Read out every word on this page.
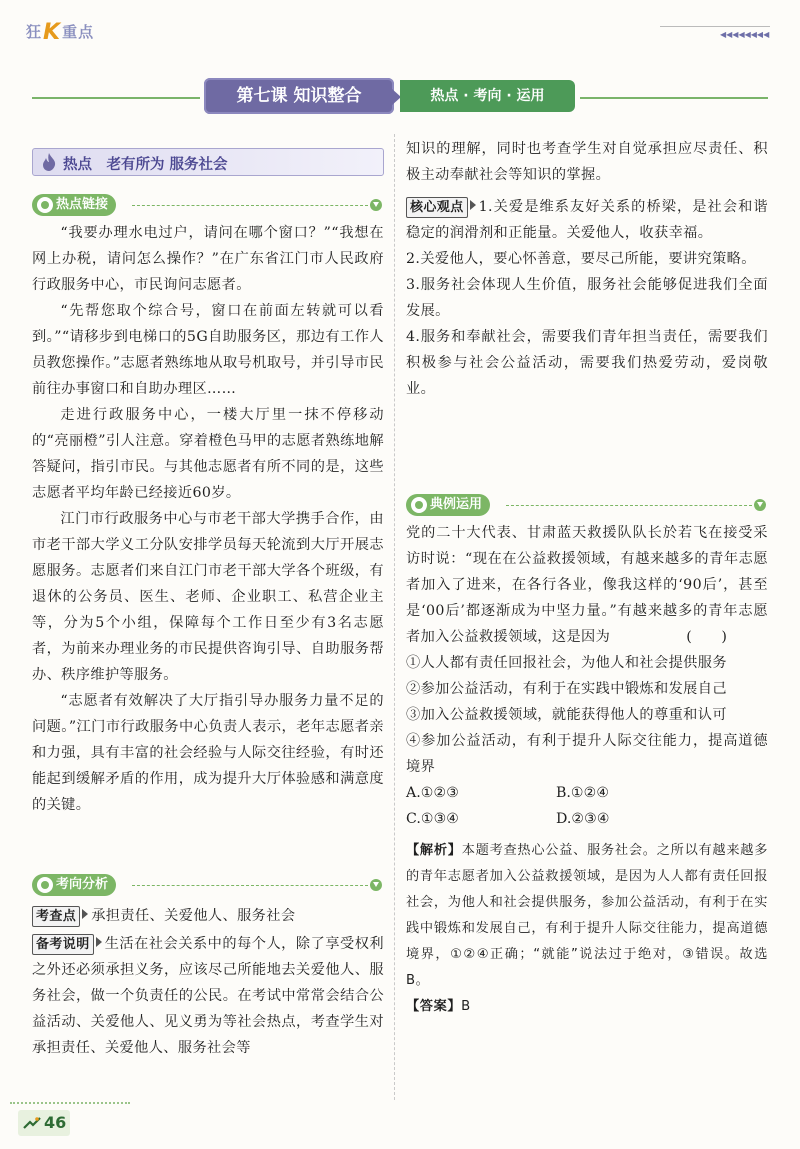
狂K重点	◀◀◀◀◀◀◀◀
第七课 知识整合	热点 · 考向 · 运用
热点　老有所为 服务社会
热点链接

“我要办理水电过户，请问在哪个窗口？”“我想在网上办税，请问怎么操作？”在广东省江门市人民政府行政服务中心，市民询问志愿者。

“先帮您取个综合号，窗口在前面左转就可以看到。”“请移步到电梯口的5G自助服务区，那边有工作人员教您操作。”志愿者熟练地从取号机取号，并引导市民前往办事窗口和自助办理区……

走进行政服务中心，一楼大厅里一抹不停移动的“亮丽橙”引人注意。穿着橙色马甲的志愿者熟练地解答疑问，指引市民。与其他志愿者有所不同的是，这些志愿者平均年龄已经接近60岁。

江门市行政服务中心与市老干部大学携手合作，由市老干部大学义工分队安排学员每天轮流到大厅开展志愿服务。志愿者们来自江门市老干部大学各个班级，有退休的公务员、医生、老师、企业职工、私营企业主等，分为5个小组，保障每个工作日至少有3名志愿者，为前来办理业务的市民提供咨询引导、自助服务帮办、秩序维护等服务。

“志愿者有效解决了大厅指引导办服务力量不足的问题。”江门市行政服务中心负责人表示，老年志愿者亲和力强，具有丰富的社会经验与人际交往经验，有时还能起到缓解矛盾的作用，成为提升大厅体验感和满意度的关键。

考向分析

考查点 承担责任、关爱他人、服务社会

备考说明 生活在社会关系中的每个人，除了享受权利之外还必须承担义务，应该尽己所能地去关爱他人、服务社会，做一个负责任的公民。在考试中常常会结合公益活动、关爱他人、见义勇为等社会热点，考查学生对承担责任、关爱他人、服务社会等

知识的理解，同时也考查学生对自觉承担应尽责任、积极主动奉献社会等知识的掌握。

核心观点 1.关爱是维系友好关系的桥梁，是社会和谐稳定的润滑剂和正能量。关爱他人，收获幸福。

2.关爱他人，要心怀善意，要尽己所能，要讲究策略。

3.服务社会体现人生价值，服务社会能够促进我们全面发展。

4.服务和奉献社会，需要我们青年担当责任，需要我们积极参与社会公益活动，需要我们热爱劳动，爱岗敬业。

典例运用

党的二十大代表、甘肃蓝天救援队队长於若飞在接受采访时说：“现在在公益救援领域，有越来越多的青年志愿者加入了进来，在各行各业，像我这样的‘90后’，甚至是‘00后’都逐渐成为中坚力量。”有越来越多的青年志愿者加入公益救援领域，这是因为	(　　)

①人人都有责任回报社会，为他人和社会提供服务

②参加公益活动，有利于在实践中锻炼和发展自己

③加入公益救援领域，就能获得他人的尊重和认可

④参加公益活动，有利于提升人际交往能力，提高道德境界

A.①②③	B.①②④
C.①③④	D.②③④

【解析】本题考查热心公益、服务社会。之所以有越来越多的青年志愿者加入公益救援领域，是因为人人都有责任回报社会，为他人和社会提供服务，参加公益活动，有利于在实践中锻炼和发展自己，有利于提升人际交往能力，提高道德境界，①②④正确；“就能”说法过于绝对，③错误。故选B。

【答案】B

46
